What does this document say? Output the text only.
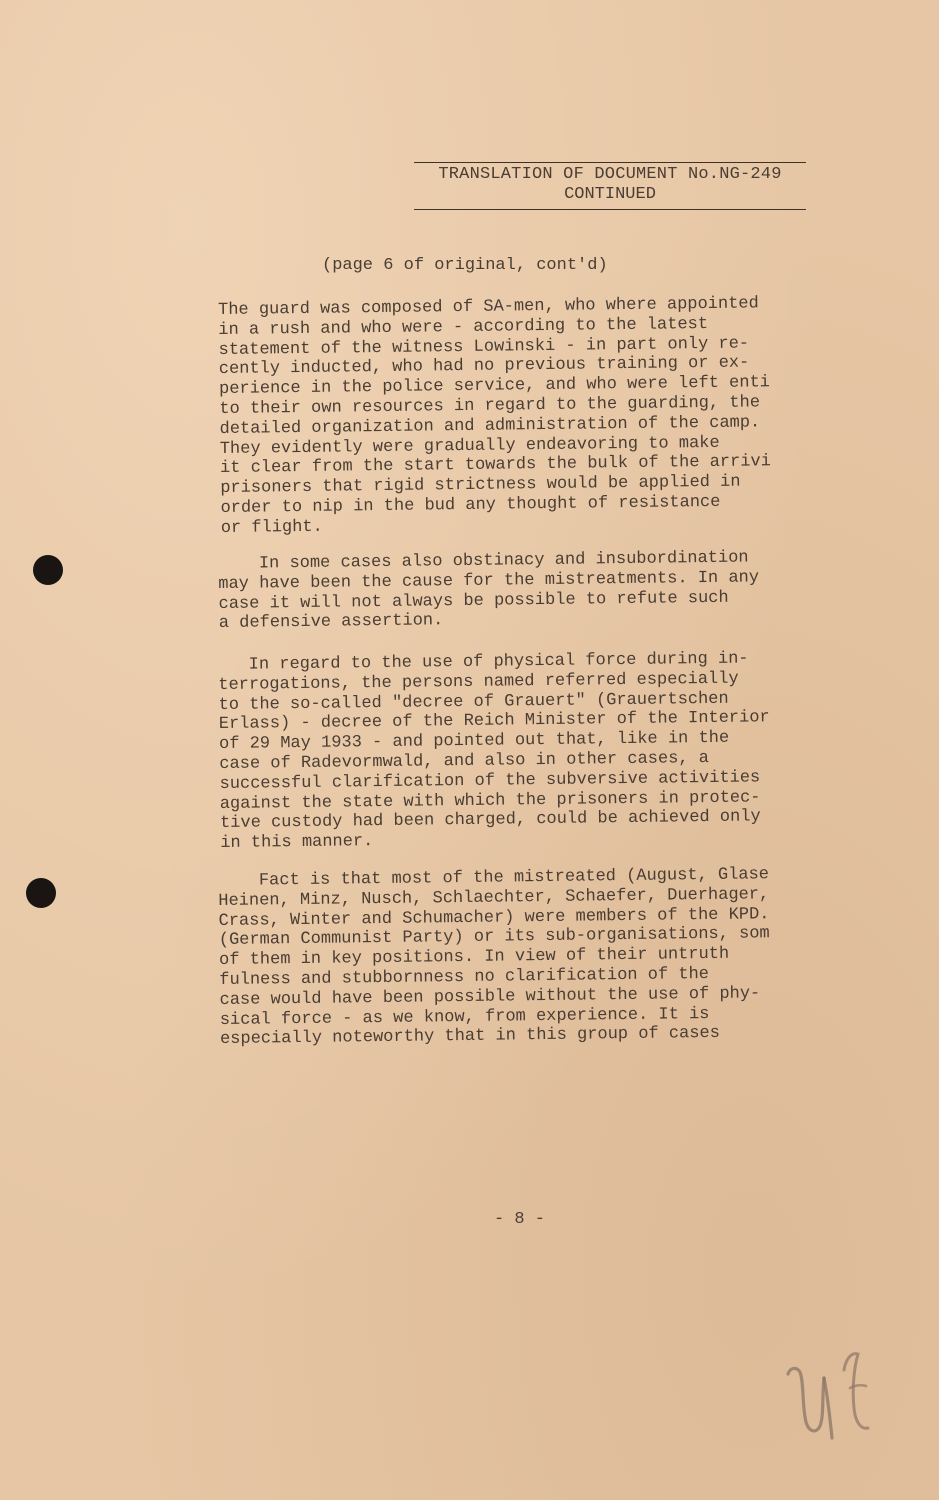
TRANSLATION OF DOCUMENT No.NG-249
CONTINUED
(page 6 of original, cont'd)
The guard was composed of SA-men, who where appointed
in a rush and who were - according to the latest
statement of the witness Lowinski - in part only re-
cently inducted, who had no previous training or ex-
perience in the police service, and who were left enti
to their own resources in regard to the guarding, the
detailed organization and administration of the camp.
They evidently were gradually endeavoring to make
it clear from the start towards the bulk of the arrivi
prisoners that rigid strictness would be applied in
order to nip in the bud any thought of resistance
or flight.
In some cases also obstinacy and insubordination
may have been the cause for the mistreatments. In any
case it will not always be possible to refute such
a defensive assertion.
In regard to the use of physical force during in-
terrogations, the persons named referred especially
to the so-called "decree of Grauert" (Grauertschen
Erlass) - decree of the Reich Minister of the Interior
of 29 May 1933 - and pointed out that, like in the
case of Radevormwald, and also in other cases, a
successful clarification of the subversive activities
against the state with which the prisoners in protec-
tive custody had been charged, could be achieved only
in this manner.
Fact is that most of the mistreated (August, Glase
Heinen, Minz, Nusch, Schlaechter, Schaefer, Duerhager,
Crass, Winter and Schumacher) were members of the KPD.
(German Communist Party) or its sub-organisations, som
of them in key positions. In view of their untruth
fulness and stubbornness no clarification of the
case would have been possible without the use of phy-
sical force - as we know, from experience. It is
especially noteworthy that in this group of cases
- 8 -
